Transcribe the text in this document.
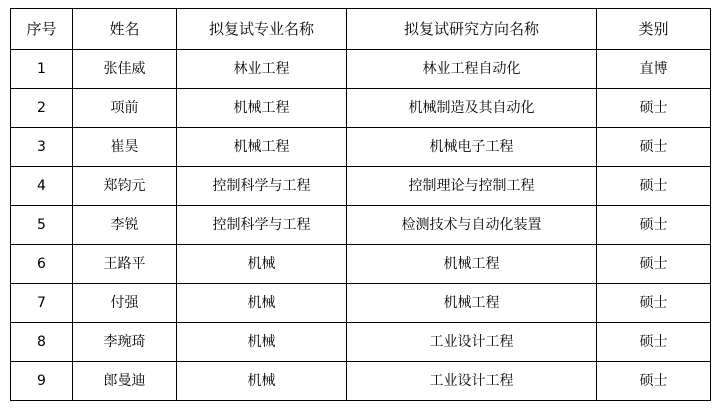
序号	姓名	拟复试专业名称	拟复试研究方向名称	类别

1	张佳威	林业工程	林业工程自动化	直博

2	项前	机械工程	机械制造及其自动化	硕士

3	崔昊	机械工程	机械电子工程	硕士

4	郑钧元	控制科学与工程	控制理论与控制工程	硕士

5	李锐	控制科学与工程	检测技术与自动化装置	硕士

6	王路平	机械	机械工程	硕士

7	付强	机械	机械工程	硕士

8	李琬琦	机械	工业设计工程	硕士

9	郎曼迪	机械	工业设计工程	硕士
